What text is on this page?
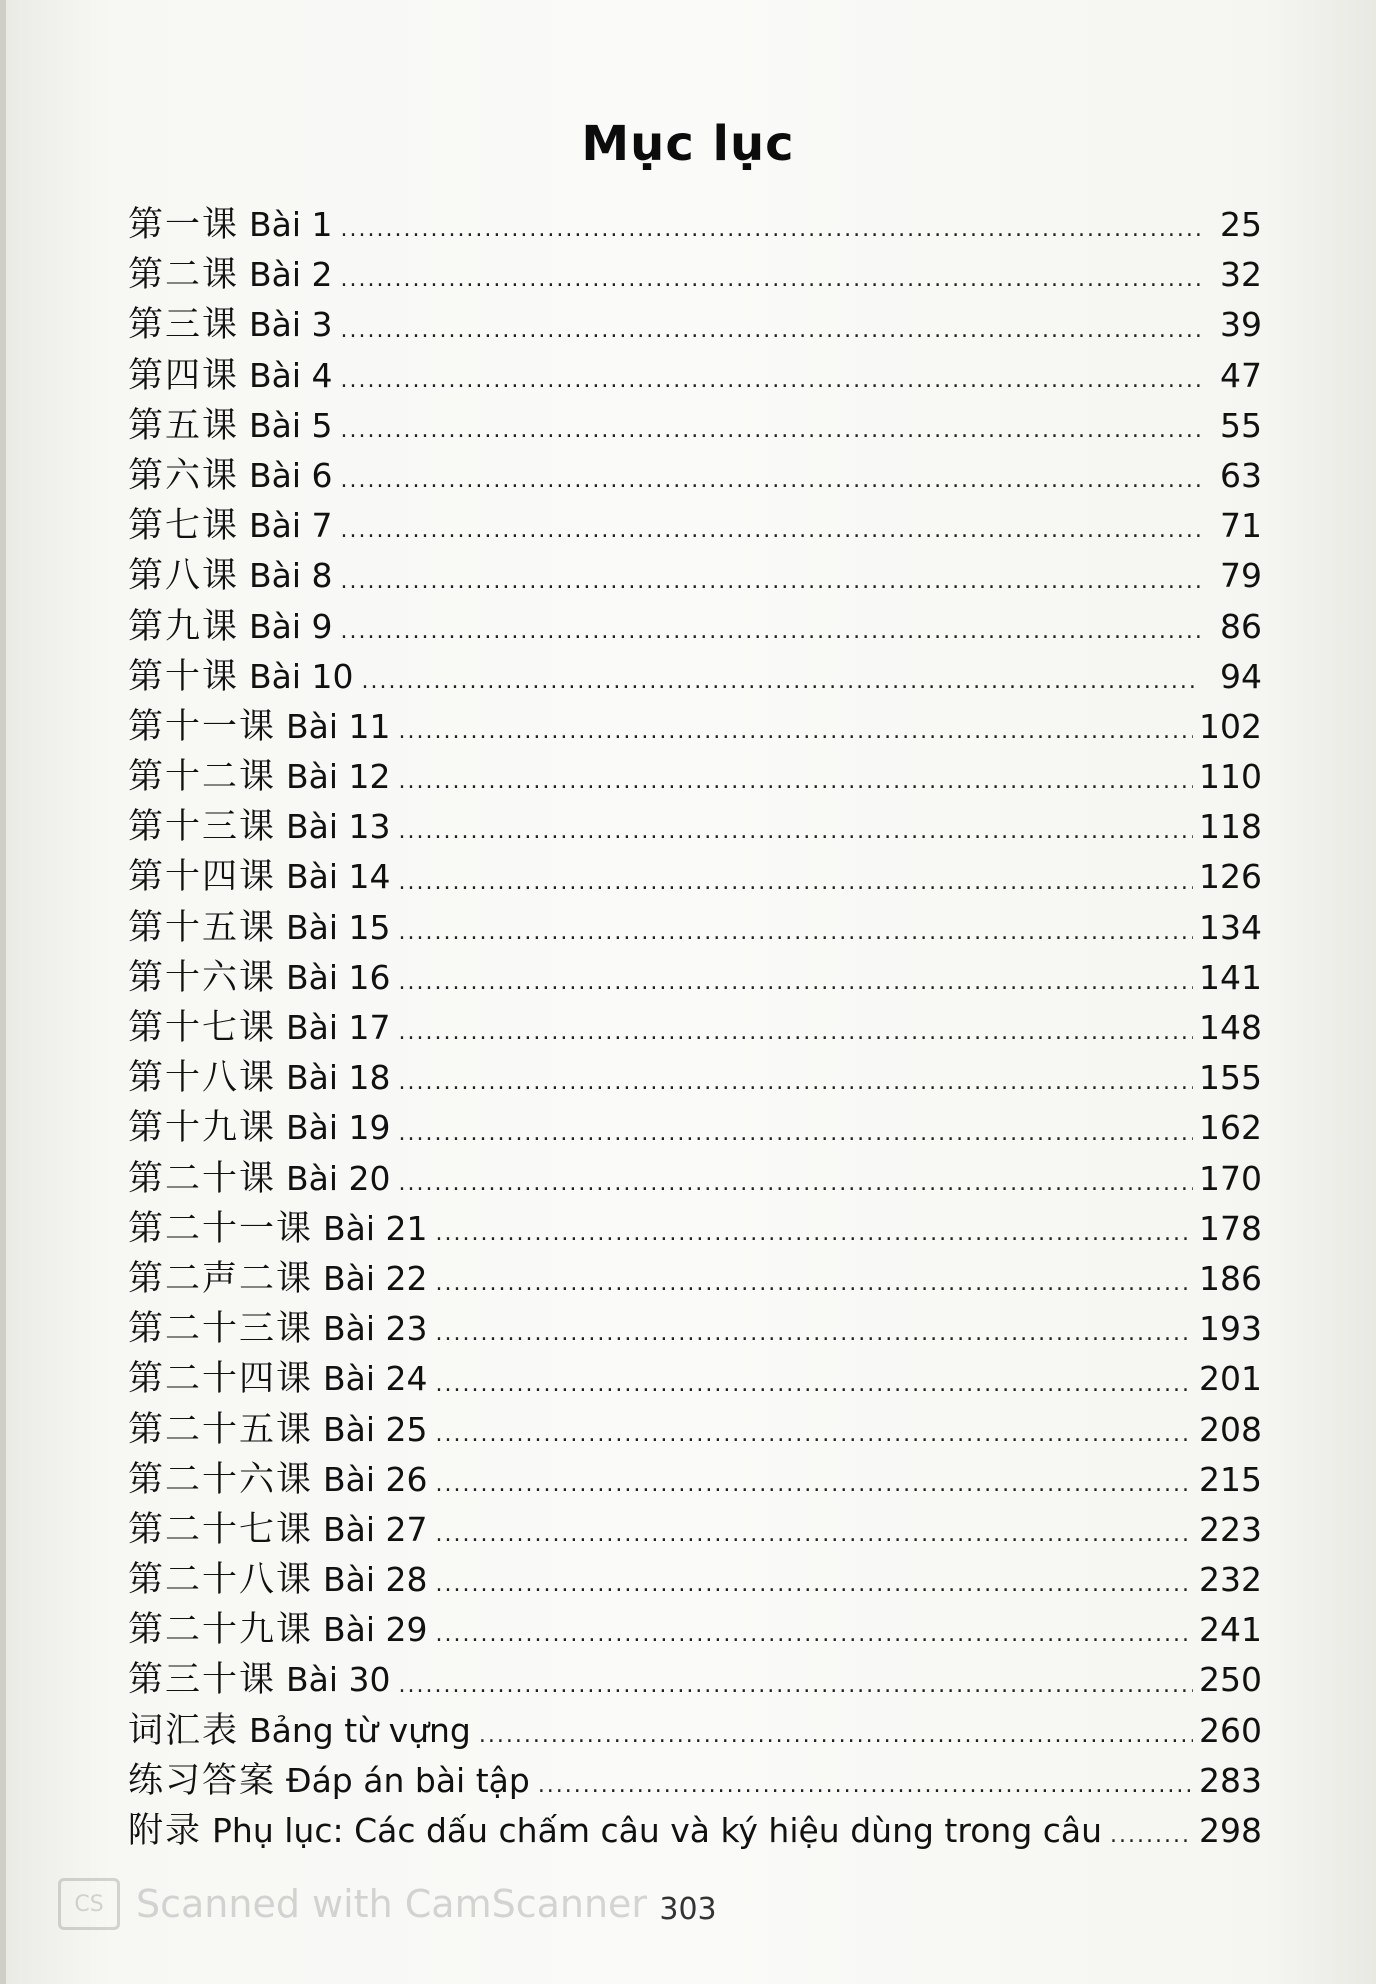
Mục lục
第一课 Bài 1 .....	25
第二课 Bài 2 .....	32
第三课 Bài 3 .....	39
第四课 Bài 4 .....	47
第五课 Bài 5 .....	55
第六课 Bài 6 .....	63
第七课 Bài 7 .....	71
第八课 Bài 8 .....	79
第九课 Bài 9 .....	86
第十课 Bài 10 .....	94
第十一课 Bài 11 .....	102
第十二课 Bài 12 .....	110
第十三课 Bài 13 .....	118
第十四课 Bài 14 .....	126
第十五课 Bài 15 .....	134
第十六课 Bài 16 .....	141
第十七课 Bài 17 .....	148
第十八课 Bài 18 .....	155
第十九课 Bài 19 .....	162
第二十课 Bài 20 .....	170
第二十一课 Bài 21 .....	178
第二声二课 Bài 22 .....	186
第二十三课 Bài 23 .....	193
第二十四课 Bài 24 .....	201
第二十五课 Bài 25 .....	208
第二十六课 Bài 26 .....	215
第二十七课 Bài 27 .....	223
第二十八课 Bài 28 .....	232
第二十九课 Bài 29 .....	241
第三十课 Bài 30 .....	250
词汇表 Bảng từ vựng .....	260
练习答案 Đáp án bài tập .....	283
附录 Phụ lục: Các dấu chấm câu và ký hiệu dùng trong câu .....	298
303
CS Scanned with CamScanner
